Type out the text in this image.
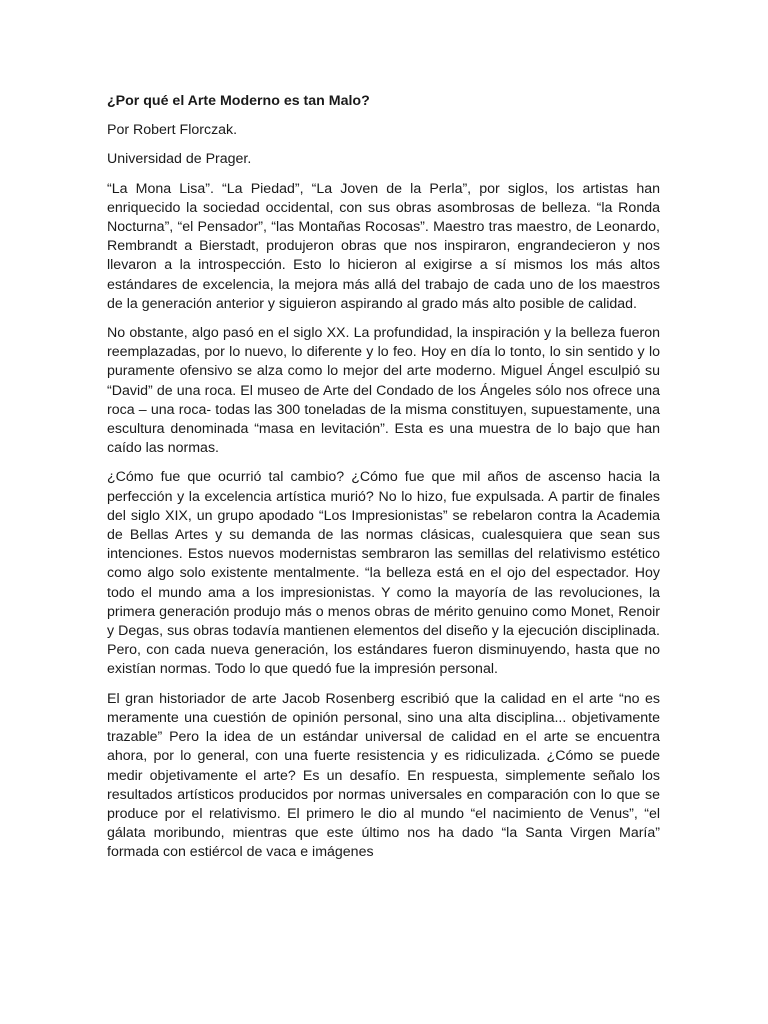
¿Por qué el Arte Moderno es tan Malo?
Por Robert Florczak.
Universidad de Prager.
“La Mona Lisa”. “La Piedad”, “La Joven de la Perla”, por siglos, los artistas han enriquecido la sociedad occidental, con sus obras asombrosas de belleza. “la Ronda Nocturna”, “el Pensador”, “las Montañas Rocosas”. Maestro tras maestro, de Leonardo, Rembrandt a Bierstadt, produjeron obras que nos inspiraron, engrandecieron y nos llevaron a la introspección. Esto lo hicieron al exigirse a sí mismos los más altos estándares de excelencia, la mejora más allá del trabajo de cada uno de los maestros de la generación anterior y siguieron aspirando al grado más alto posible de calidad.
No obstante, algo pasó en el siglo XX. La profundidad, la inspiración y la belleza fueron reemplazadas, por lo nuevo, lo diferente y lo feo. Hoy en día lo tonto, lo sin sentido y lo puramente ofensivo se alza como lo mejor del arte moderno. Miguel Ángel esculpió su “David” de una roca. El museo de Arte del Condado de los Ángeles sólo nos ofrece una roca – una roca- todas las 300 toneladas de la misma constituyen, supuestamente, una escultura denominada “masa en levitación”. Esta es una muestra de lo bajo que han caído las normas.
¿Cómo fue que ocurrió tal cambio? ¿Cómo fue que mil años de ascenso hacia la perfección y la excelencia artística murió? No lo hizo, fue expulsada. A partir de finales del siglo XIX, un grupo apodado “Los Impresionistas” se rebelaron contra la Academia de Bellas Artes y su demanda de las normas clásicas, cualesquiera que sean sus intenciones. Estos nuevos modernistas sembraron las semillas del relativismo estético como algo solo existente mentalmente. “la belleza está en el ojo del espectador. Hoy todo el mundo ama a los impresionistas. Y como la mayoría de las revoluciones, la primera generación produjo más o menos obras de mérito genuino como Monet, Renoir y Degas, sus obras todavía mantienen elementos del diseño y la ejecución disciplinada. Pero, con cada nueva generación, los estándares fueron disminuyendo, hasta que no existían normas. Todo lo que quedó fue la impresión personal.
El gran historiador de arte Jacob Rosenberg escribió que la calidad en el arte “no es meramente una cuestión de opinión personal, sino una alta disciplina... objetivamente trazable” Pero la idea de un estándar universal de calidad en el arte se encuentra ahora, por lo general, con una fuerte resistencia y es ridiculizada. ¿Cómo se puede medir objetivamente el arte? Es un desafío. En respuesta, simplemente señalo los resultados artísticos producidos por normas universales en comparación con lo que se produce por el relativismo. El primero le dio al mundo “el nacimiento de Venus”, “el gálata moribundo, mientras que este último nos ha dado “la Santa Virgen María” formada con estiércol de vaca e imágenes
